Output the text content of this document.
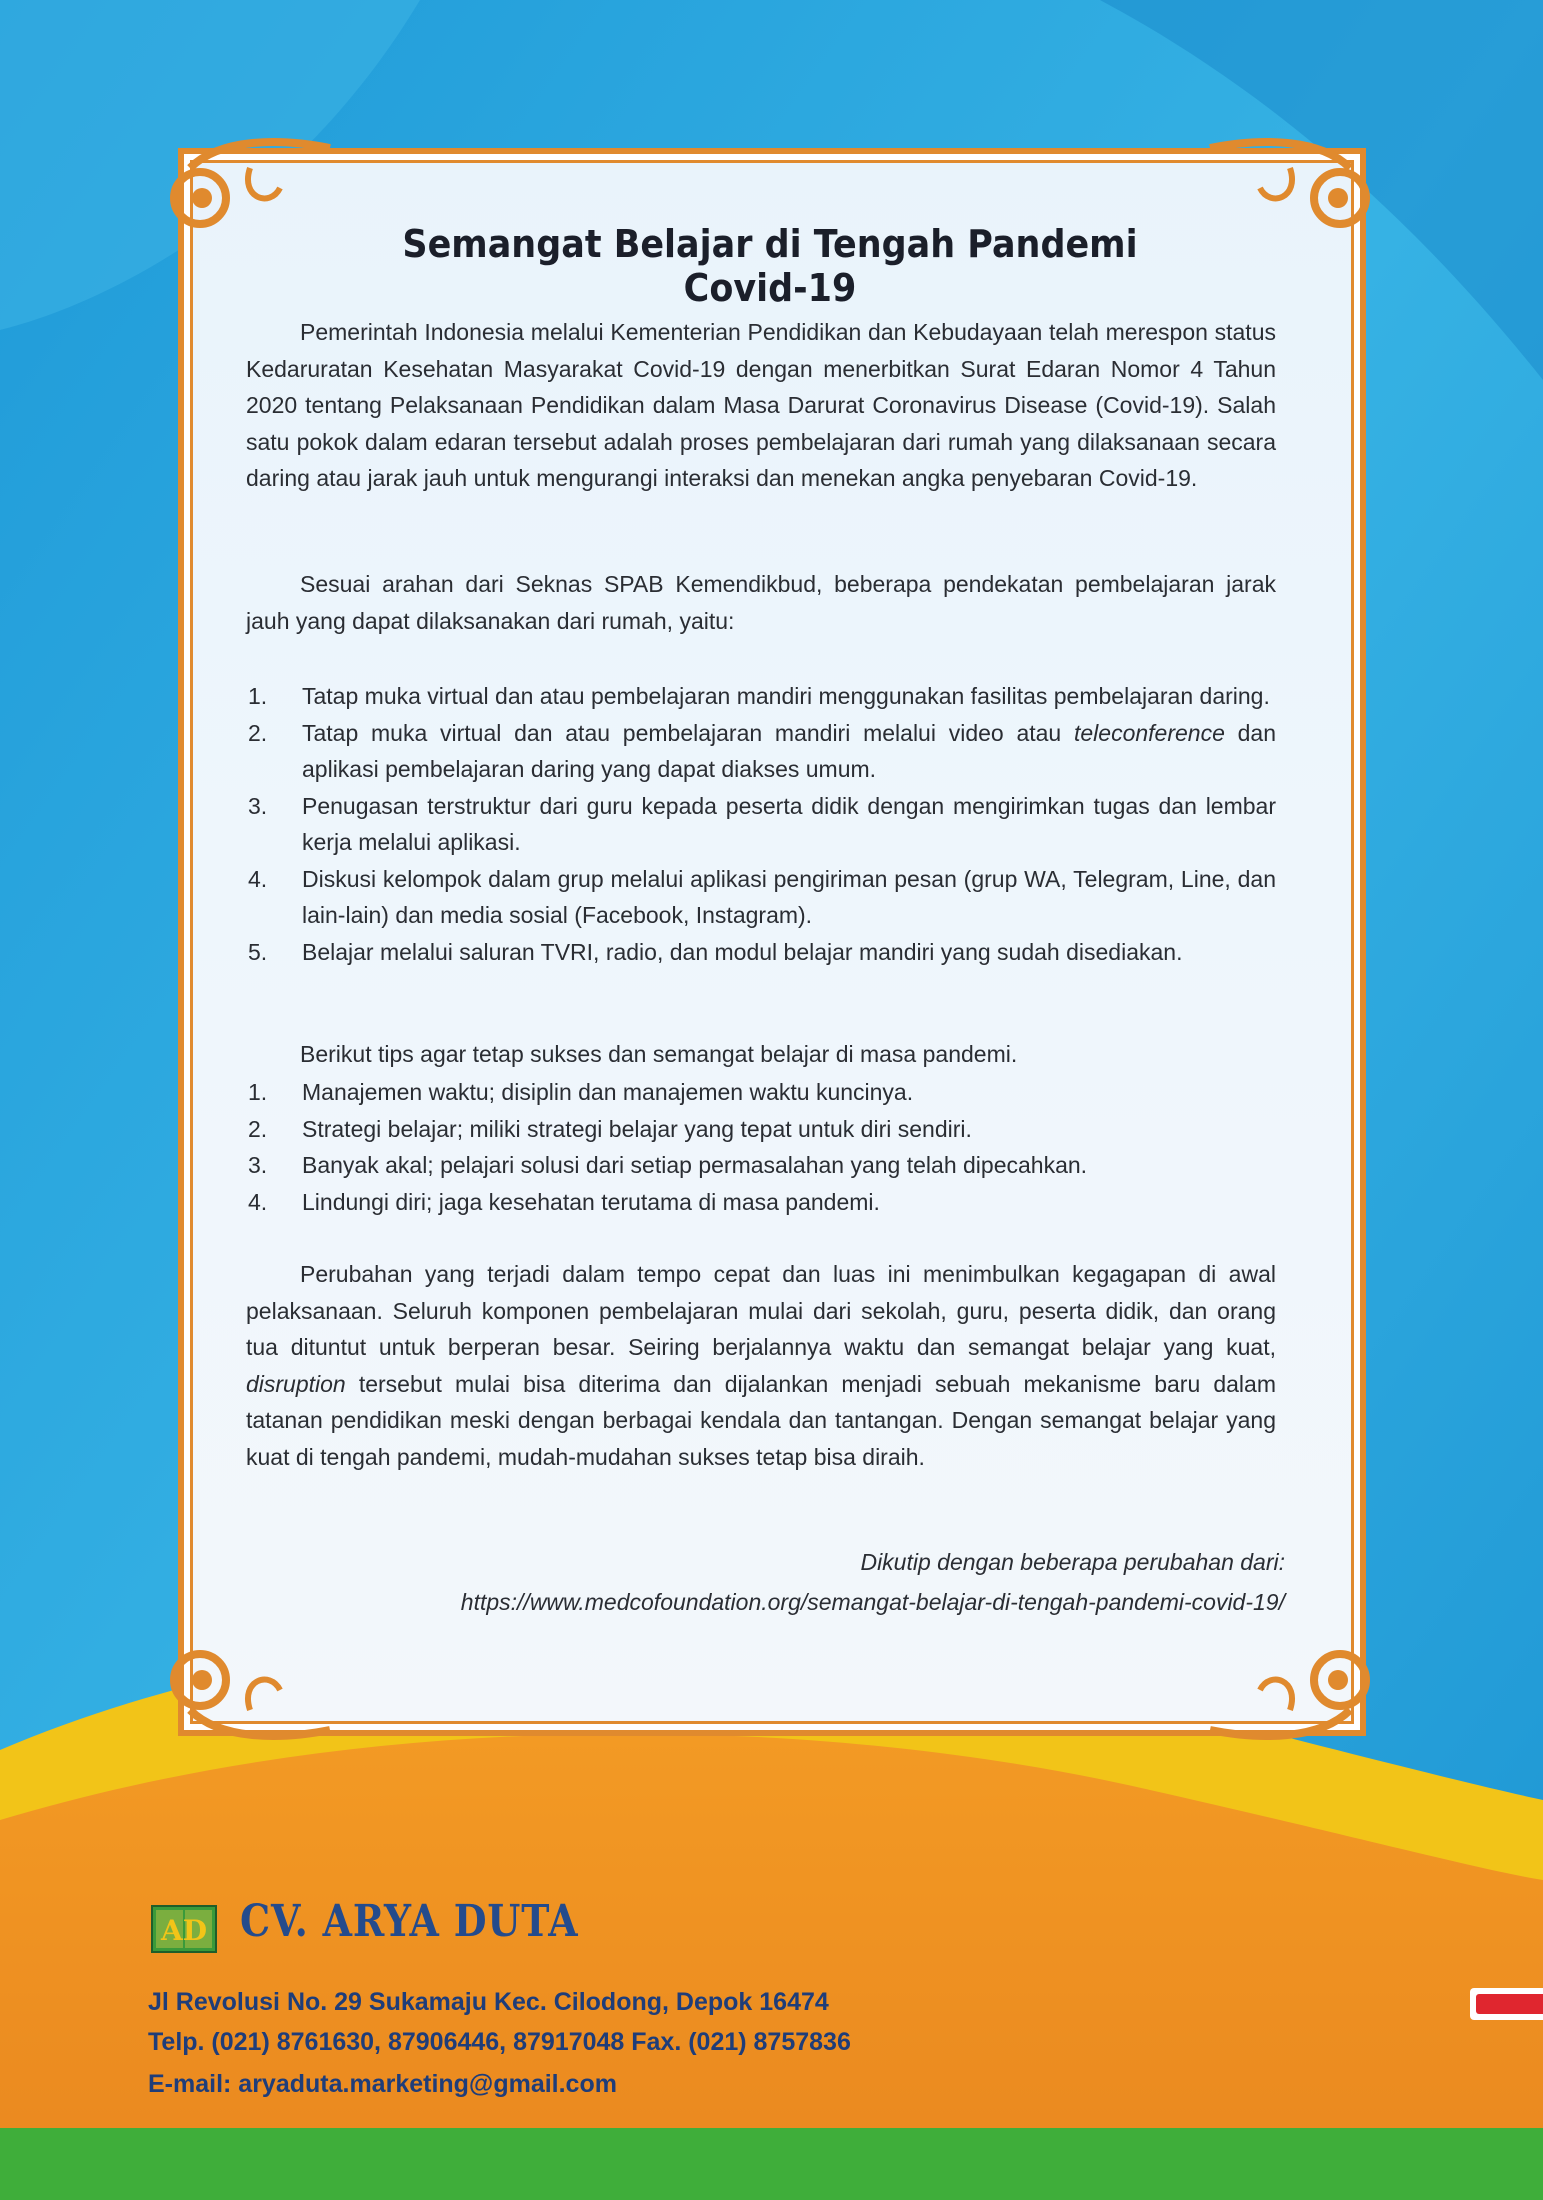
Semangat Belajar di Tengah Pandemi Covid-19
Pemerintah Indonesia melalui Kementerian Pendidikan dan Kebudayaan telah merespon status Kedaruratan Kesehatan Masyarakat Covid-19 dengan menerbitkan Surat Edaran Nomor 4 Tahun 2020 tentang Pelaksanaan Pendidikan dalam Masa Darurat Coronavirus Disease (Covid-19). Salah satu pokok dalam edaran tersebut adalah proses pembelajaran dari rumah yang dilaksanaan secara daring atau jarak jauh untuk mengurangi interaksi dan menekan angka penyebaran Covid-19.
Sesuai arahan dari Seknas SPAB Kemendikbud, beberapa pendekatan pembelajaran jarak jauh yang dapat dilaksanakan dari rumah, yaitu:
1. Tatap muka virtual dan atau pembelajaran mandiri menggunakan fasilitas pembelajaran daring.
2. Tatap muka virtual dan atau pembelajaran mandiri melalui video atau teleconference dan aplikasi pembelajaran daring yang dapat diakses umum.
3. Penugasan terstruktur dari guru kepada peserta didik dengan mengirimkan tugas dan lembar kerja melalui aplikasi.
4. Diskusi kelompok dalam grup melalui aplikasi pengiriman pesan (grup WA, Telegram, Line, dan lain-lain) dan media sosial (Facebook, Instagram).
5. Belajar melalui saluran TVRI, radio, dan modul belajar mandiri yang sudah disediakan.
Berikut tips agar tetap sukses dan semangat belajar di masa pandemi.
1. Manajemen waktu; disiplin dan manajemen waktu kuncinya.
2. Strategi belajar; miliki strategi belajar yang tepat untuk diri sendiri.
3. Banyak akal; pelajari solusi dari setiap permasalahan yang telah dipecahkan.
4. Lindungi diri; jaga kesehatan terutama di masa pandemi.
Perubahan yang terjadi dalam tempo cepat dan luas ini menimbulkan kegagapan di awal pelaksanaan. Seluruh komponen pembelajaran mulai dari sekolah, guru, peserta didik, dan orang tua dituntut untuk berperan besar. Seiring berjalannya waktu dan semangat belajar yang kuat, disruption tersebut mulai bisa diterima dan dijalankan menjadi sebuah mekanisme baru dalam tatanan pendidikan meski dengan berbagai kendala dan tantangan. Dengan semangat belajar yang kuat di tengah pandemi, mudah-mudahan sukses tetap bisa diraih.
Dikutip dengan beberapa perubahan dari:
https://www.medcofoundation.org/semangat-belajar-di-tengah-pandemi-covid-19/
AD CV. ARYA DUTA
Jl Revolusi No. 29 Sukamaju Kec. Cilodong, Depok 16474
Telp. (021) 8761630, 87906446, 87917048 Fax. (021) 8757836
E-mail: aryaduta.marketing@gmail.com
